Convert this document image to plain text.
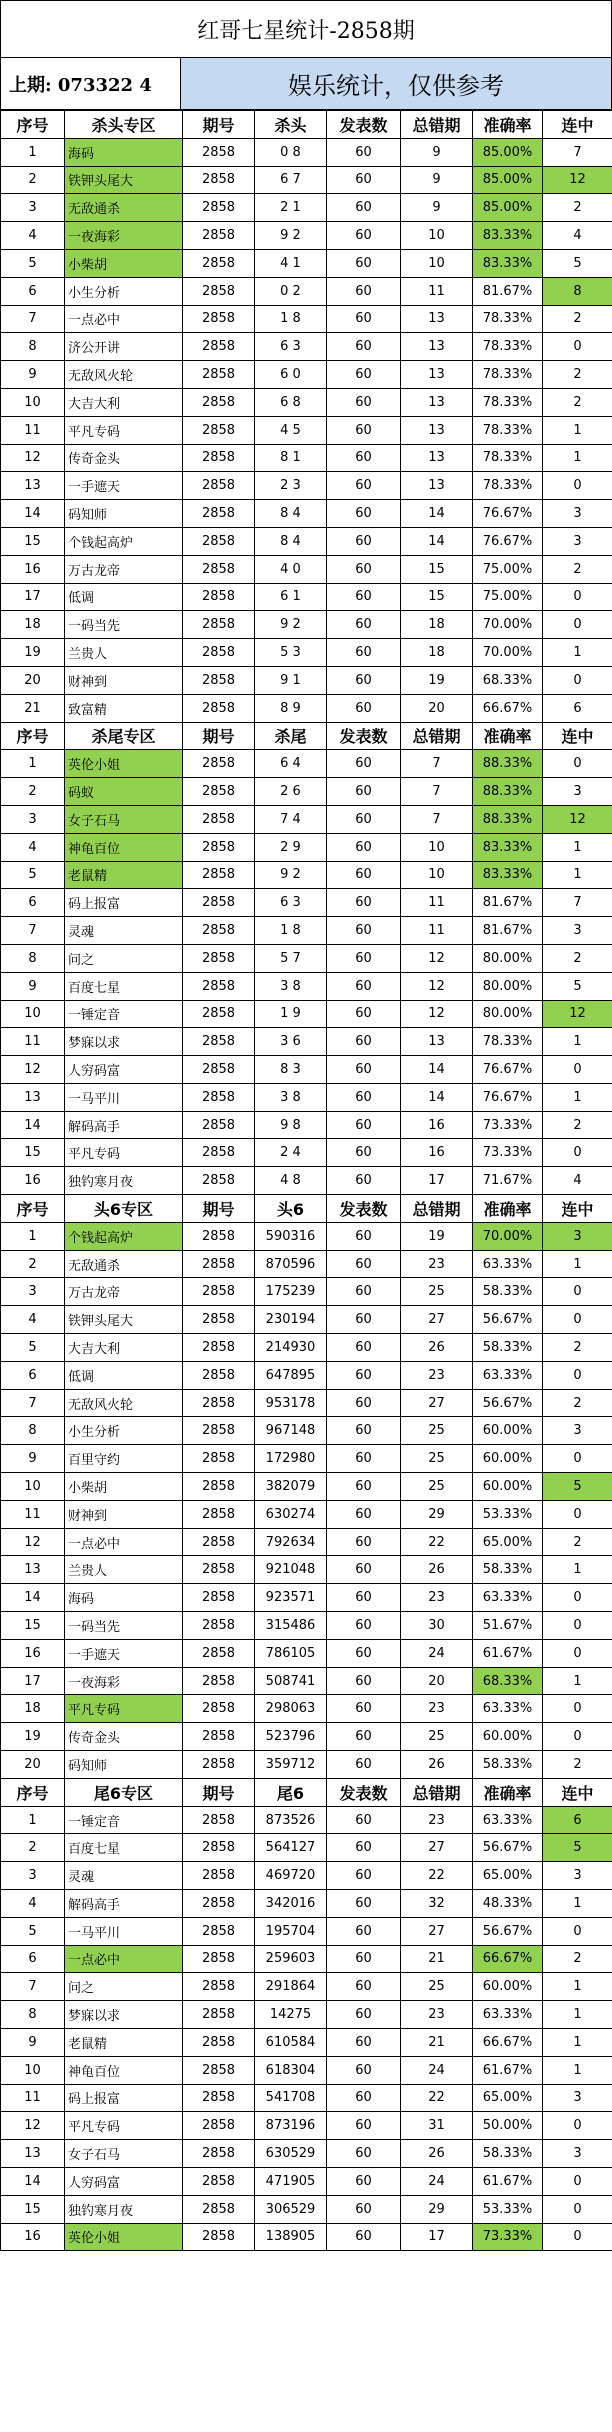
红哥七星统计-2858期
上期: 073322 4	娱乐统计，仅供参考
序号	杀头专区	期号	杀头	发表数	总错期	准确率	连中
1	海码	2858	0 8	60	9	85.00%	7
2	铁钾头尾大	2858	6 7	60	9	85.00%	12
3	无敌通杀	2858	2 1	60	9	85.00%	2
4	一夜海彩	2858	9 2	60	10	83.33%	4
5	小柴胡	2858	4 1	60	10	83.33%	5
6	小生分析	2858	0 2	60	11	81.67%	8
7	一点必中	2858	1 8	60	13	78.33%	2
8	济公开讲	2858	6 3	60	13	78.33%	0
9	无敌风火轮	2858	6 0	60	13	78.33%	2
10	大吉大利	2858	6 8	60	13	78.33%	2
11	平凡专码	2858	4 5	60	13	78.33%	1
12	传奇金头	2858	8 1	60	13	78.33%	1
13	一手遮天	2858	2 3	60	13	78.33%	0
14	码知师	2858	8 4	60	14	76.67%	3
15	个钱起高炉	2858	8 4	60	14	76.67%	3
16	万古龙帝	2858	4 0	60	15	75.00%	2
17	低调	2858	6 1	60	15	75.00%	0
18	一码当先	2858	9 2	60	18	70.00%	0
19	兰贵人	2858	5 3	60	18	70.00%	1
20	财神到	2858	9 1	60	19	68.33%	0
21	致富精	2858	8 9	60	20	66.67%	6
序号	杀尾专区	期号	杀尾	发表数	总错期	准确率	连中
1	英伦小姐	2858	6 4	60	7	88.33%	0
2	码蚁	2858	2 6	60	7	88.33%	3
3	女子石马	2858	7 4	60	7	88.33%	12
4	神龟百位	2858	2 9	60	10	83.33%	1
5	老鼠精	2858	9 2	60	10	83.33%	1
6	码上报富	2858	6 3	60	11	81.67%	7
7	灵魂	2858	1 8	60	11	81.67%	3
8	问之	2858	5 7	60	12	80.00%	2
9	百度七星	2858	3 8	60	12	80.00%	5
10	一锤定音	2858	1 9	60	12	80.00%	12
11	梦寐以求	2858	3 6	60	13	78.33%	1
12	人穷码富	2858	8 3	60	14	76.67%	0
13	一马平川	2858	3 8	60	14	76.67%	1
14	解码高手	2858	9 8	60	16	73.33%	2
15	平凡专码	2858	2 4	60	16	73.33%	0
16	独钓寒月夜	2858	4 8	60	17	71.67%	4
序号	头6专区	期号	头6	发表数	总错期	准确率	连中
1	个钱起高炉	2858	590316	60	19	70.00%	3
2	无敌通杀	2858	870596	60	23	63.33%	1
3	万古龙帝	2858	175239	60	25	58.33%	0
4	铁钾头尾大	2858	230194	60	27	56.67%	0
5	大吉大利	2858	214930	60	26	58.33%	2
6	低调	2858	647895	60	23	63.33%	0
7	无敌风火轮	2858	953178	60	27	56.67%	2
8	小生分析	2858	967148	60	25	60.00%	3
9	百里守约	2858	172980	60	25	60.00%	0
10	小柴胡	2858	382079	60	25	60.00%	5
11	财神到	2858	630274	60	29	53.33%	0
12	一点必中	2858	792634	60	22	65.00%	2
13	兰贵人	2858	921048	60	26	58.33%	1
14	海码	2858	923571	60	23	63.33%	0
15	一码当先	2858	315486	60	30	51.67%	0
16	一手遮天	2858	786105	60	24	61.67%	0
17	一夜海彩	2858	508741	60	20	68.33%	1
18	平凡专码	2858	298063	60	23	63.33%	0
19	传奇金头	2858	523796	60	25	60.00%	0
20	码知师	2858	359712	60	26	58.33%	2
序号	尾6专区	期号	尾6	发表数	总错期	准确率	连中
1	一锤定音	2858	873526	60	23	63.33%	6
2	百度七星	2858	564127	60	27	56.67%	5
3	灵魂	2858	469720	60	22	65.00%	3
4	解码高手	2858	342016	60	32	48.33%	1
5	一马平川	2858	195704	60	27	56.67%	0
6	一点必中	2858	259603	60	21	66.67%	2
7	问之	2858	291864	60	25	60.00%	1
8	梦寐以求	2858	14275	60	23	63.33%	1
9	老鼠精	2858	610584	60	21	66.67%	1
10	神龟百位	2858	618304	60	24	61.67%	1
11	码上报富	2858	541708	60	22	65.00%	3
12	平凡专码	2858	873196	60	31	50.00%	0
13	女子石马	2858	630529	60	26	58.33%	3
14	人穷码富	2858	471905	60	24	61.67%	0
15	独钓寒月夜	2858	306529	60	29	53.33%	0
16	英伦小姐	2858	138905	60	17	73.33%	0
